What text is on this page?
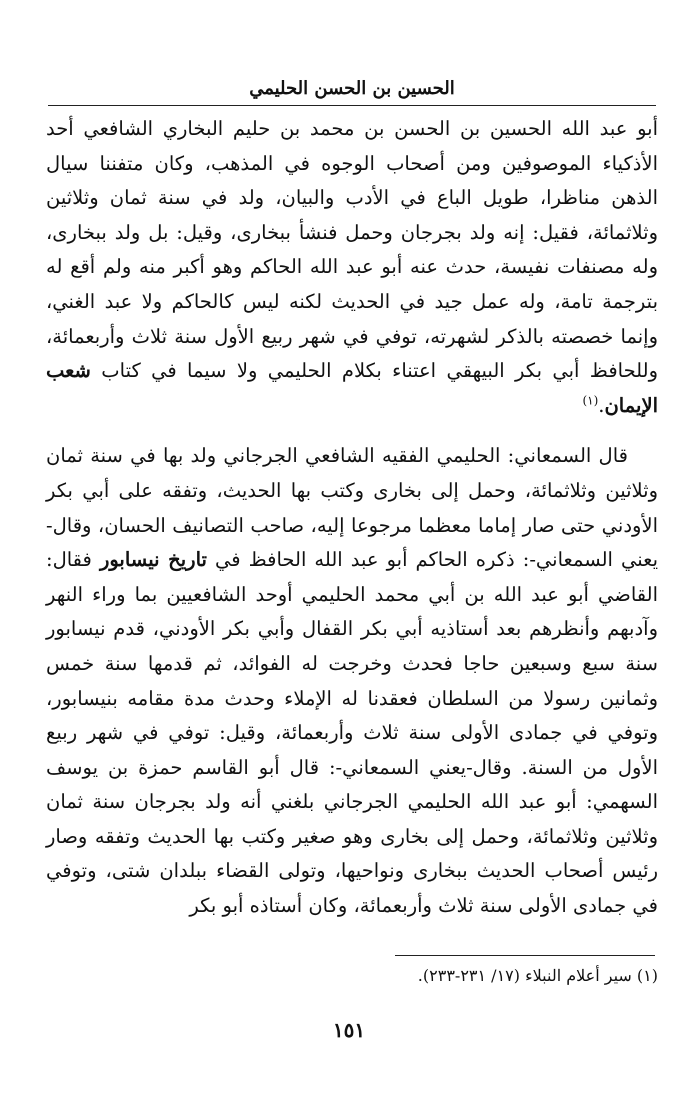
الحسين بن الحسن الحليمي

أبو عبد الله الحسين بن الحسن بن محمد بن حليم البخاري الشافعي أحد الأذكياء الموصوفين ومن أصحاب الوجوه في المذهب، وكان متفننا سيال الذهن مناظرا، طويل الباع في الأدب والبيان، ولد في سنة ثمان وثلاثين وثلاثمائة، فقيل: إنه ولد بجرجان وحمل فنشأ ببخارى، وقيل: بل ولد ببخارى، وله مصنفات نفيسة، حدث عنه أبو عبد الله الحاكم وهو أكبر منه ولم أقع له بترجمة تامة، وله عمل جيد في الحديث لكنه ليس كالحاكم ولا عبد الغني، وإنما خصصته بالذكر لشهرته، توفي في شهر ربيع الأول سنة ثلاث وأربعمائة، وللحافظ أبي بكر البيهقي اعتناء بكلام الحليمي ولا سيما في كتاب شعب الإيمان.$^{(١)}$

قال السمعاني: الحليمي الفقيه الشافعي الجرجاني ولد بها في سنة ثمان وثلاثين وثلاثمائة، وحمل إلى بخارى وكتب بها الحديث، وتفقه على أبي بكر الأودني حتى صار إماما معظما مرجوعا إليه، صاحب التصانيف الحسان، وقال- يعني السمعاني-: ذكره الحاكم أبو عبد الله الحافظ في تاريخ نيسابور فقال: القاضي أبو عبد الله بن أبي محمد الحليمي أوحد الشافعيين بما وراء النهر وآدبهم وأنظرهم بعد أستاذيه أبي بكر القفال وأبي بكر الأودني، قدم نيسابور سنة سبع وسبعين حاجا فحدث وخرجت له الفوائد، ثم قدمها سنة خمس وثمانين رسولا من السلطان فعقدنا له الإملاء وحدث مدة مقامه بنيسابور، وتوفي في جمادى الأولى سنة ثلاث وأربعمائة، وقيل: توفي في شهر ربيع الأول من السنة. وقال-يعني السمعاني-: قال أبو القاسم حمزة بن يوسف السهمي: أبو عبد الله الحليمي الجرجاني بلغني أنه ولد بجرجان سنة ثمان وثلاثين وثلاثمائة، وحمل إلى بخارى وهو صغير وكتب بها الحديث وتفقه وصار رئيس أصحاب الحديث ببخارى ونواحيها، وتولى القضاء ببلدان شتى، وتوفي في جمادى الأولى سنة ثلاث وأربعمائة، وكان أستاذه أبو بكر

(١) سير أعلام النبلاء (١٧/ ٢٣١-٢٣٣).
١٥١
